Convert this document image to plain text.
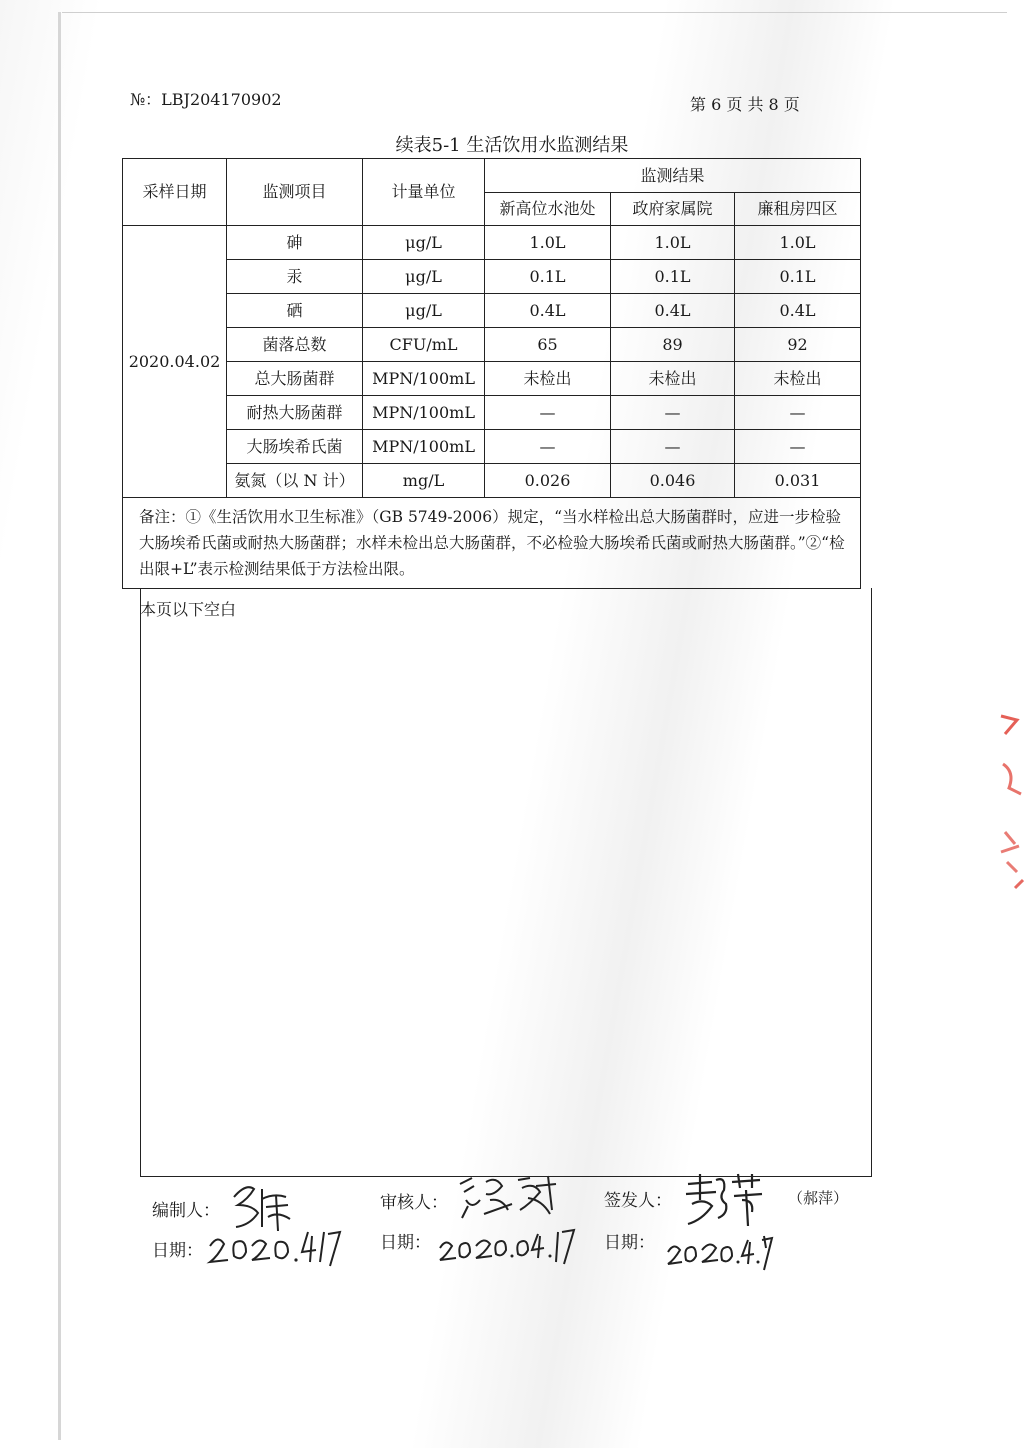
№：LBJ204170902	第 6 页 共 8 页
续表5-1 生活饮用水监测结果
采样日期	监测项目	计量单位	监测结果		
			新高位水池处	政府家属院	廉租房四区
2020.04.02	砷	μg/L	1.0L	1.0L	1.0L
	汞	μg/L	0.1L	0.1L	0.1L
	硒	μg/L	0.4L	0.4L	0.4L
	菌落总数	CFU/mL	65	89	92
	总大肠菌群	MPN/100mL	未检出	未检出	未检出
	耐热大肠菌群	MPN/100mL	—	—	—
	大肠埃希氏菌	MPN/100mL	—	—	—
	氨氮（以 N 计）	mg/L	0.026	0.046	0.031
备注：①《生活饮用水卫生标准》（GB 5749-2006）规定，“当水样检出总大肠菌群时，应进一步检验大肠埃希氏菌或耐热大肠菌群；水样未检出总大肠菌群，不必检验大肠埃希氏菌或耐热大肠菌群。”②“检出限+L”表示检测结果低于方法检出限。					
本页以下空白
编制人：	审核人：	签发人：	（郝萍）
日期：	日期：	日期：
